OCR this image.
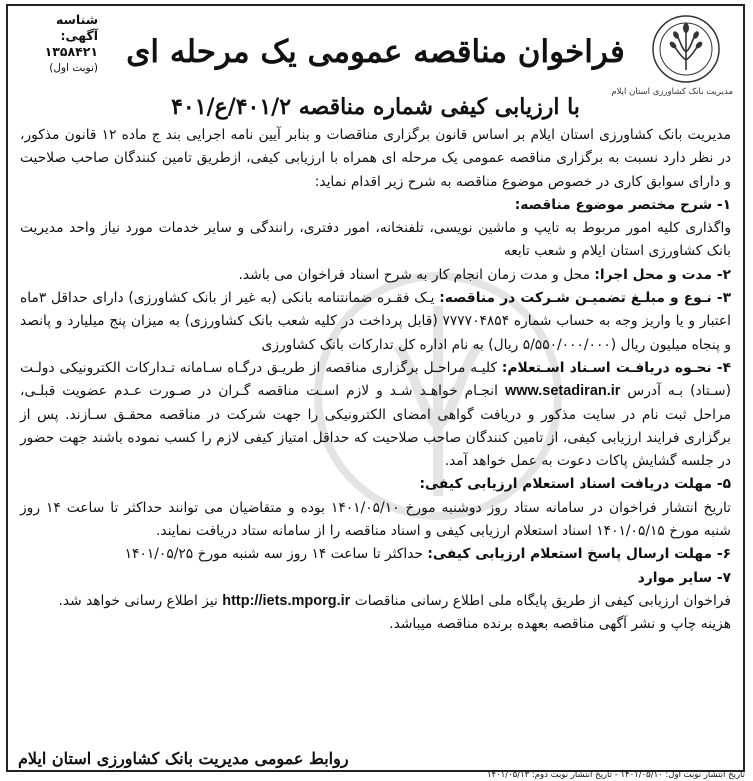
مدیریت بانک کشاورزی استان ایلام
شناسه آگهی:
۱۳۵۸۴۲۱
(نوبت اول) فراخوان مناقصه عمومی یک مرحله ای
با ارزیابی کیفی شماره مناقصه ۴۰۱/۲/ع/۴۰۱

مدیریت بانک کشاورزی استان ایلام بر اساس قانون برگزاری مناقصات و بنابر آیین نامه اجرایی بند ج ماده ۱۲ قانون مذکور، در نظر دارد نسبت به برگزاری مناقصه عمومی یک مرحله ای همراه با ارزیابی کیفی، ازطریق تامین کنندگان صاحب صلاحیت و دارای سوابق کاری در خصوص موضوع مناقصه به شرح زیر اقدام نماید:

۱- شرح مختصر موضوع مناقصه:

واگذاری کلیه امور مربوط به تایپ و ماشین نویسی، تلفنخانه، امور دفتری، رانندگی و سایر خدمات مورد نیاز واحد مدیریت بانک کشاورزی استان ایلام و شعب تابعه

۲- مدت و محل اجرا: محل و مدت زمان انجام کار به شرح اسناد فراخوان می باشد.

۳- نـوع و مبلـغ تضمیـن شـرکت در مناقصه: یـک فقـره ضمانتنامه بانکی (به غیر از بانک کشاورزی) دارای حداقل ۳ماه اعتبار و یا واریز وجه به حساب شماره ۷۷۷۷۰۴۸۵۴ (قابل پرداخت در کلیه شعب بانک کشاورزی) به میزان پنج میلیارد و پانصد و پنجاه میلیون ریال (۵/۵۵۰/۰۰۰/۰۰۰ ریال) به نام اداره کل تدارکات بانک کشاورزی

۴- نحـوه دریافـت اسـناد اسـتعلام: کلیـه مراحـل برگزاری مناقصه از طریـق درگـاه سـامانه تـدارکات الکترونیکی دولـت (سـتاد) بـه آدرس www.setadiran.ir انجـام خواهـد شـد و لازم اسـت مناقصه گـران در صـورت عـدم عضویت قبلـی، مراحل ثبت نام در سایت مذکور و دریافت گواهی امضای الکترونیکی را جهت شرکت در مناقصه محقـق سـازند. پس از برگزاری فرایند ارزیابی کیفی، از تامین کنندگان صاحب صلاحیت که حداقل امتیاز کیفی لازم را کسب نموده باشند جهت حضور در جلسه گشایش پاکات دعوت به عمل خواهد آمد.

۵- مهلت دریافت اسناد استعلام ارزیابی کیفی:

تاریخ انتشار فراخوان در سامانه ستاد روز دوشنبه مورخ ۱۴۰۱/۰۵/۱۰ بوده و متقاضیان می توانند حداکثر تا ساعت ۱۴ روز شنبه مورخ ۱۴۰۱/۰۵/۱۵ اسناد استعلام ارزیابی کیفی و اسناد مناقصه را از سامانه ستاد دریافت نمایند.

۶- مهلت ارسال پاسخ استعلام ارزیابی کیفی: حداکثر تا ساعت ۱۴ روز سه شنبه مورخ ۱۴۰۱/۰۵/۲۵

۷- سایر موارد

فراخوان ارزیابی کیفی از طریق پایگاه ملی اطلاع رسانی مناقصات http://iets.mporg.ir نیز اطلاع رسانی خواهد شد.

هزینه چاپ و نشر آگهی مناقصه بعهده برنده مناقصه میباشد.

روابط عمومی مدیریت بانک کشاورزی استان ایلام
تاریخ انتشار نوبت اول: ۱۴۰۱/۰۵/۱۰ - تاریخ انتشار نوبت دوم: ۱۴۰۱/۰۵/۱۳
